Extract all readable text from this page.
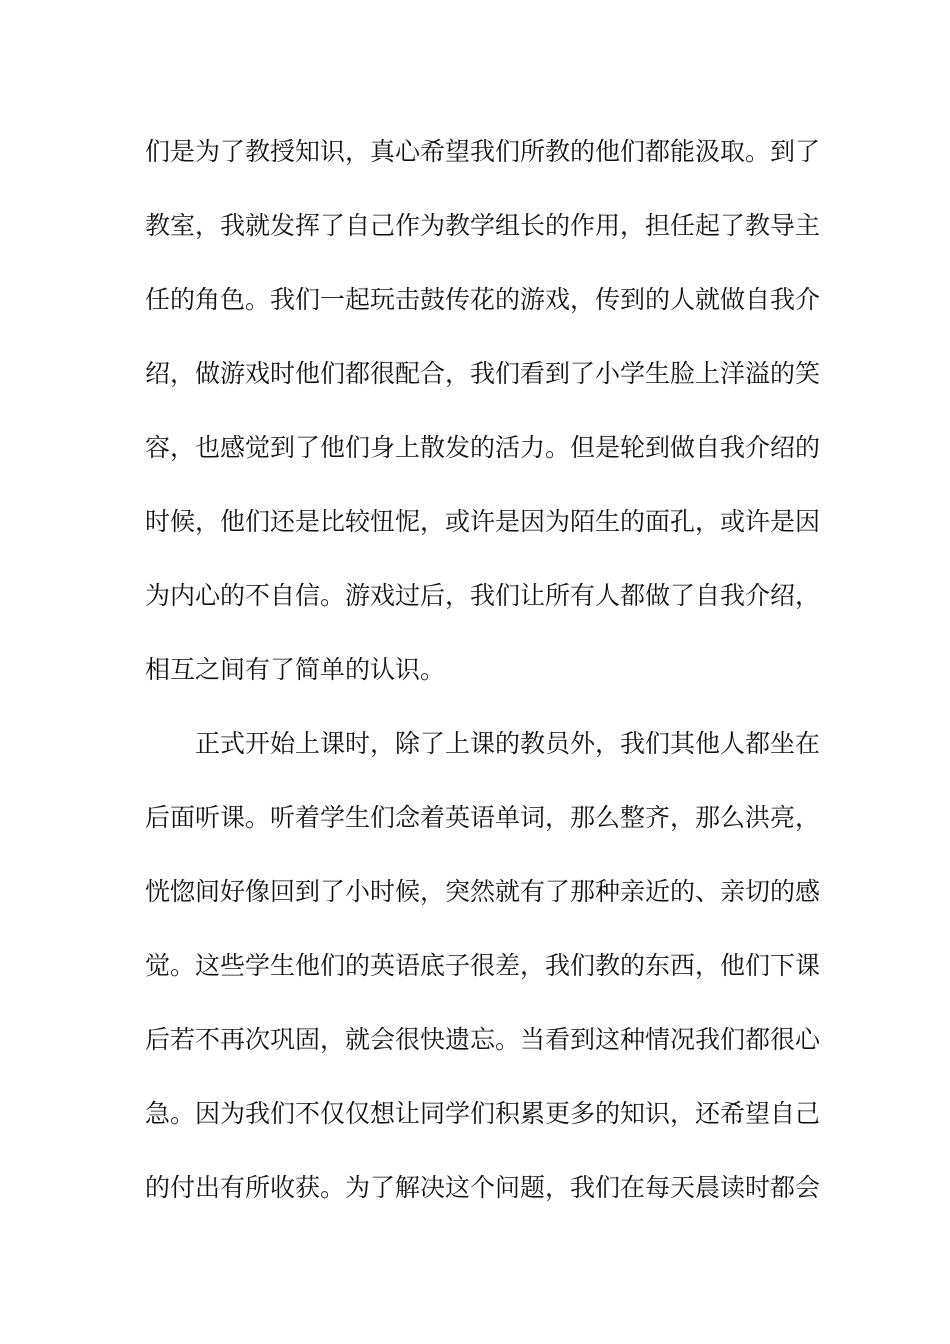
们是为了教授知识，真心希望我们所教的他们都能汲取。到了
教室，我就发挥了自己作为教学组长的作用，担任起了教导主
任的角色。我们一起玩击鼓传花的游戏，传到的人就做自我介
绍，做游戏时他们都很配合，我们看到了小学生脸上洋溢的笑
容，也感觉到了他们身上散发的活力。但是轮到做自我介绍的
时候，他们还是比较忸怩，或许是因为陌生的面孔，或许是因
为内心的不自信。游戏过后，我们让所有人都做了自我介绍，
相互之间有了简单的认识。
正式开始上课时，除了上课的教员外，我们其他人都坐在
后面听课。听着学生们念着英语单词，那么整齐，那么洪亮，
恍惚间好像回到了小时候，突然就有了那种亲近的、亲切的感
觉。这些学生他们的英语底子很差，我们教的东西，他们下课
后若不再次巩固，就会很快遗忘。当看到这种情况我们都很心
急。因为我们不仅仅想让同学们积累更多的知识，还希望自己
的付出有所收获。为了解决这个问题，我们在每天晨读时都会
